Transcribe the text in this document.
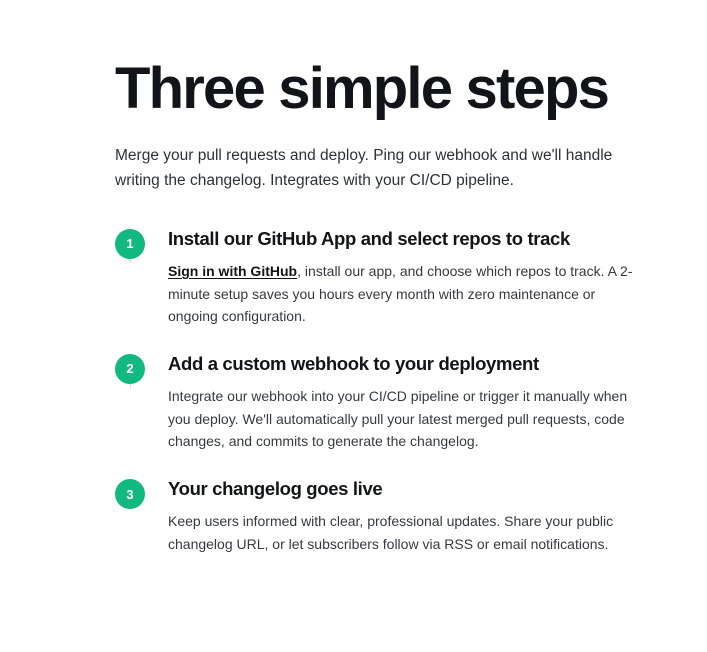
Three simple steps

Merge your pull requests and deploy. Ping our webhook and we'll handle writing the changelog. Integrates with your CI/CD pipeline.

1	Install our GitHub App and select repos to track

Sign in with GitHub, install our app, and choose which repos to track. A 2-minute setup saves you hours every month with zero maintenance or ongoing configuration.

2	Add a custom webhook to your deployment

Integrate our webhook into your CI/CD pipeline or trigger it manually when you deploy. We'll automatically pull your latest merged pull requests, code changes, and commits to generate the changelog.

3	Your changelog goes live

Keep users informed with clear, professional updates. Share your public changelog URL, or let subscribers follow via RSS or email notifications.
